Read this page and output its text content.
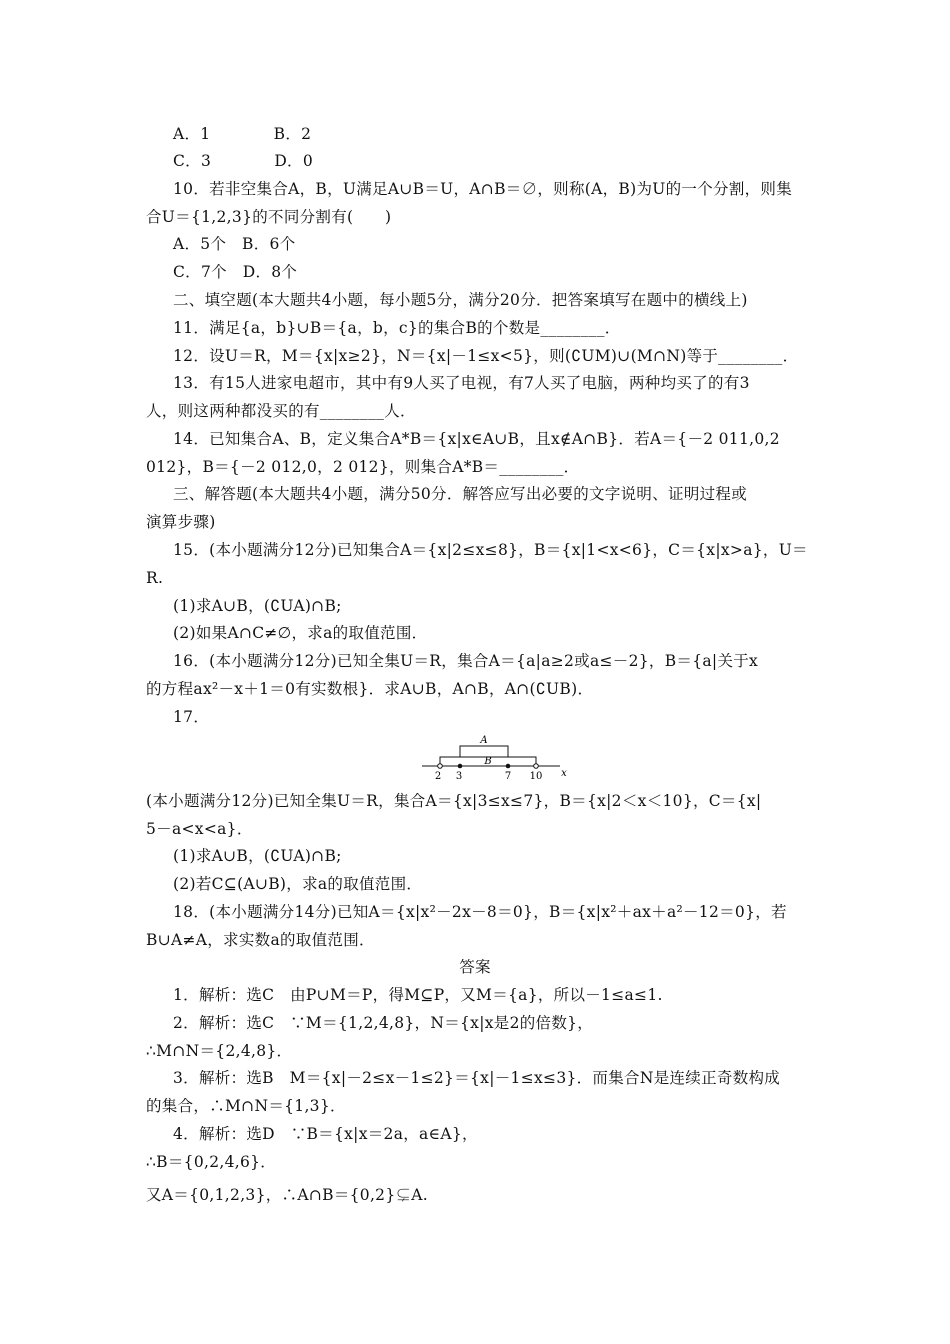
A．1　　　　B．2
C．3　　　　D．0
10．若非空集合A，B，U满足A∪B＝U，A∩B＝∅，则称(A，B)为U的一个分割，则集
合U＝{1,2,3}的不同分割有(　　)
A．5个　B．6个
C．7个　D．8个
二、填空题(本大题共4小题，每小题5分，满分20分．把答案填写在题中的横线上)
11．满足{a，b}∪B＝{a，b，c}的集合B的个数是________．
12．设U＝R，M＝{x|x≥2}，N＝{x|－1≤x<5}，则(∁UM)∪(M∩N)等于________．
13．有15人进家电超市，其中有9人买了电视，有7人买了电脑，两种均买了的有3
人，则这两种都没买的有________人．
14．已知集合A、B，定义集合A*B＝{x|x∈A∪B，且x∉A∩B}．若A＝{－2 011,0,2
012}，B＝{－2 012,0，2 012}，则集合A*B＝________．
三、解答题(本大题共4小题，满分50分．解答应写出必要的文字说明、证明过程或
演算步骤)
15．(本小题满分12分)已知集合A＝{x|2≤x≤8}，B＝{x|1<x<6}，C＝{x|x>a}，U＝
R.
(1)求A∪B，(∁UA)∩B;
(2)如果A∩C≠∅，求a的取值范围．
16．(本小题满分12分)已知全集U＝R，集合A＝{a|a≥2或a≤－2}，B＝{a|关于x
的方程ax²－x＋1＝0有实数根}．求A∪B，A∩B，A∩(∁UB)．
17．
A
B
2 3	7 10 x
(本小题满分12分)已知全集U＝R，集合A＝{x|3≤x≤7}，B＝{x|2＜x＜10}，C＝{x|
5－a<x<a}．
(1)求A∪B，(∁UA)∩B;
(2)若C⊆(A∪B)，求a的取值范围．
18．(本小题满分14分)已知A＝{x|x²－2x－8＝0}，B＝{x|x²＋ax＋a²－12＝0}，若
B∪A≠A，求实数a的取值范围．
答案
1．解析：选C　由P∪M＝P，得M⊆P，又M＝{a}，所以－1≤a≤1.
2．解析：选C　∵M＝{1,2,4,8}，N＝{x|x是2的倍数}，
∴M∩N＝{2,4,8}．
3．解析：选B　M＝{x|－2≤x－1≤2}＝{x|－1≤x≤3}．而集合N是连续正奇数构成
的集合，∴M∩N＝{1,3}．
4．解析：选D　∵B＝{x|x＝2a，a∈A}，
∴B＝{0,2,4,6}．
又A＝{0,1,2,3}，∴A∩B＝{0,2}⊊A.
